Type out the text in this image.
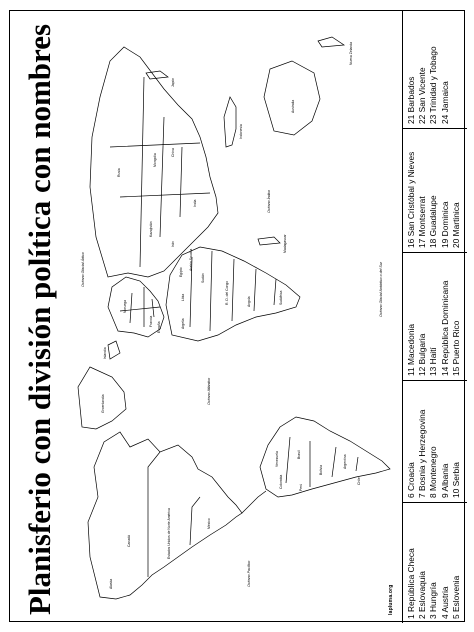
Planisferio con división política con nombres	Canadá	Estados Unidos de Norte América	México
Alaska
Groenlandia
Islandia
Venezuela
Colombia
Brasil
Perú
Bolivia
Argentina
Chile
Noruega
Francia
España	Argelia
Libia
Egipto
Sudán
R. D. del Congo	Angola	Sudáfrica
Madagascar
Rusia
Kazajistán
Mongolia
China
Irán
Arabia Saudita
India
Japón
Indonesia
Australia
Nueva Zelanda
Océano Pacífico
Océano Atlántico
Océano Índico
Océano Glacial Ártico	Océano Glacial Antártico o del Sur
lapluma.org 1 República Checa 2 Eslovaquia 3 Hungría 4 Austria 5 Eslovenia
6 Croacia 7 Bosnia y Herzegovina 8 Montenegro 9 Albania 10 Serbia
11 Macedonia 12 Bulgaria 13 Haití 14 República Dominicana 15 Puerto Rico
16 San Cristóbal y Nieves 17 Montserrat 18 Guadalupe 19 Dominica 20 Martinica
21 Barbados 22 San Vicente 23 Trinidad y Tobago 24 Jamaica
